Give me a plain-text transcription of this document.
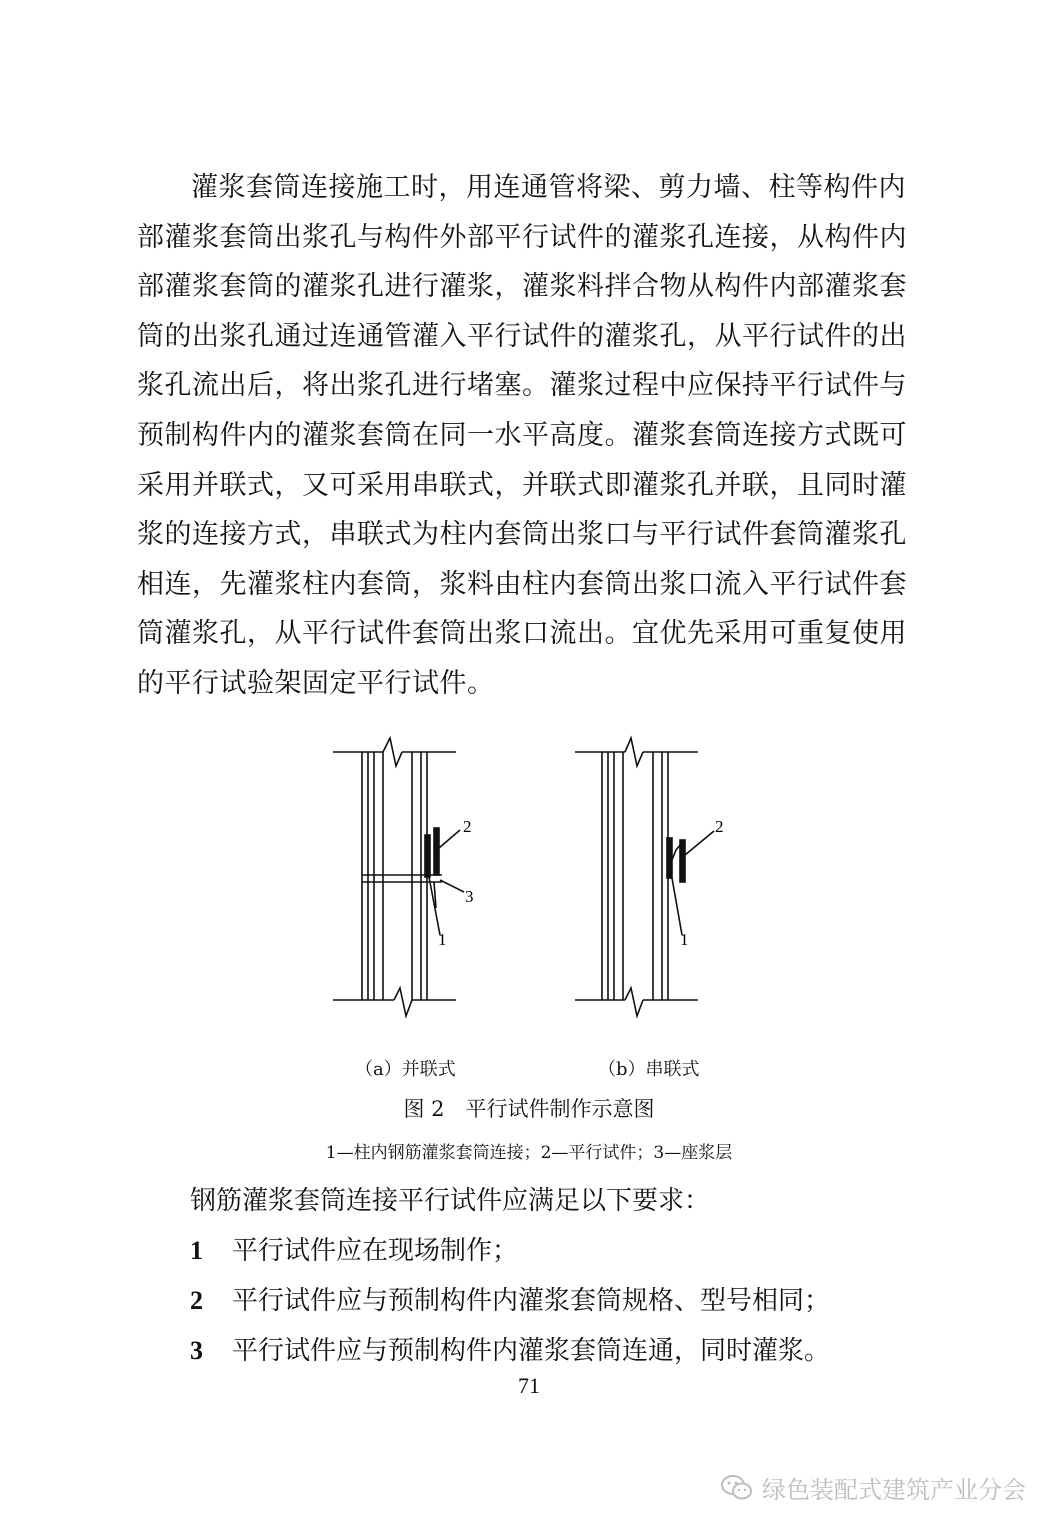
灌浆套筒连接施工时，用连通管将梁、剪力墙、柱等构件内
部灌浆套筒出浆孔与构件外部平行试件的灌浆孔连接，从构件内
部灌浆套筒的灌浆孔进行灌浆，灌浆料拌合物从构件内部灌浆套
筒的出浆孔通过连通管灌入平行试件的灌浆孔，从平行试件的出
浆孔流出后，将出浆孔进行堵塞。灌浆过程中应保持平行试件与
预制构件内的灌浆套筒在同一水平高度。灌浆套筒连接方式既可
采用并联式，又可采用串联式，并联式即灌浆孔并联，且同时灌
浆的连接方式，串联式为柱内套筒出浆口与平行试件套筒灌浆孔
相连，先灌浆柱内套筒，浆料由柱内套筒出浆口流入平行试件套
筒灌浆孔，从平行试件套筒出浆口流出。宜优先采用可重复使用
的平行试验架固定平行试件。
2
3
1
2
1
（a）并联式	（b）串联式
图 2　平行试件制作示意图
1—柱内钢筋灌浆套筒连接；2—平行试件；3—座浆层
钢筋灌浆套筒连接平行试件应满足以下要求：
1 平行试件应在现场制作；
2 平行试件应与预制构件内灌浆套筒规格、型号相同；
3 平行试件应与预制构件内灌浆套筒连通，同时灌浆。
71
绿色装配式建筑产业分会
